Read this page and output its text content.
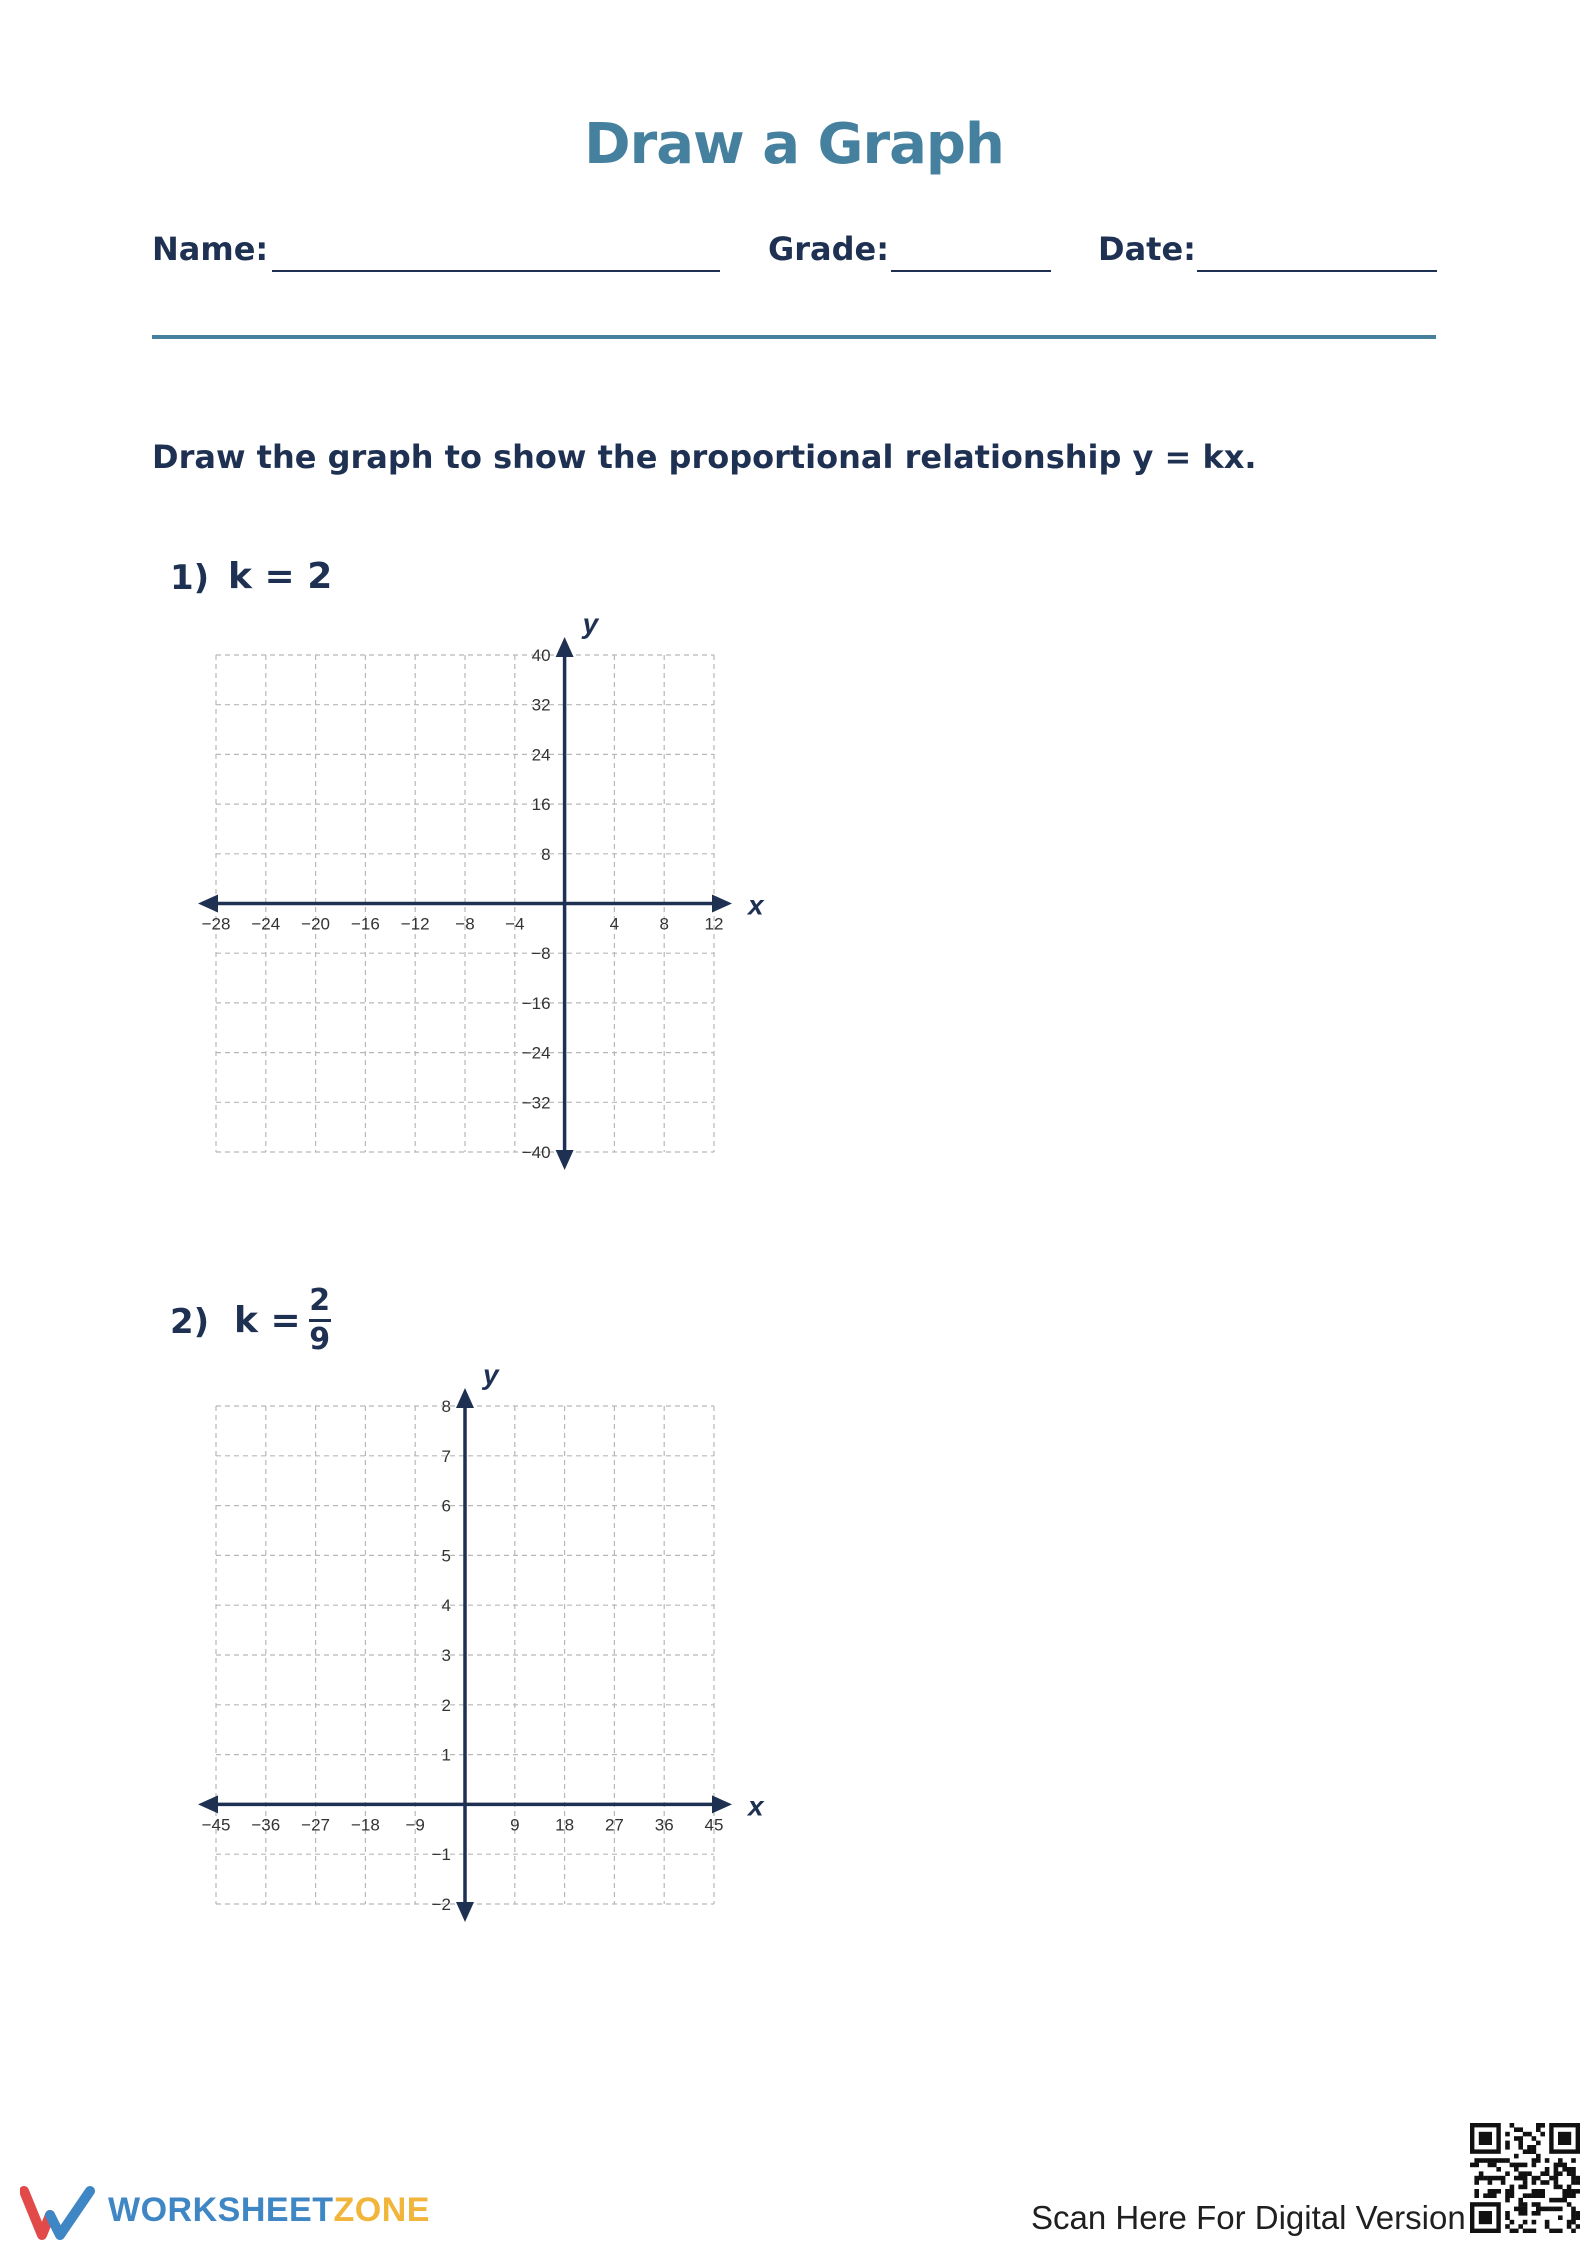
Draw a Graph
Name:	Grade:	Date:
Draw the graph to show the proportional relationship y = kx.
1) k = 2
2) $k = \frac{2}{9}$
x
y
−28 −24 −20 −16 −12 −8 −4	4 8 12
40
32
24
16
8
−8
−16
−24
−32
−40
x
y
−45 −36 −27 −18 −9	9 18 27 36 45
8
7
6
5
4
3
2
1
−1
−2
WORKSHEETZONE	Scan Here For Digital Version
